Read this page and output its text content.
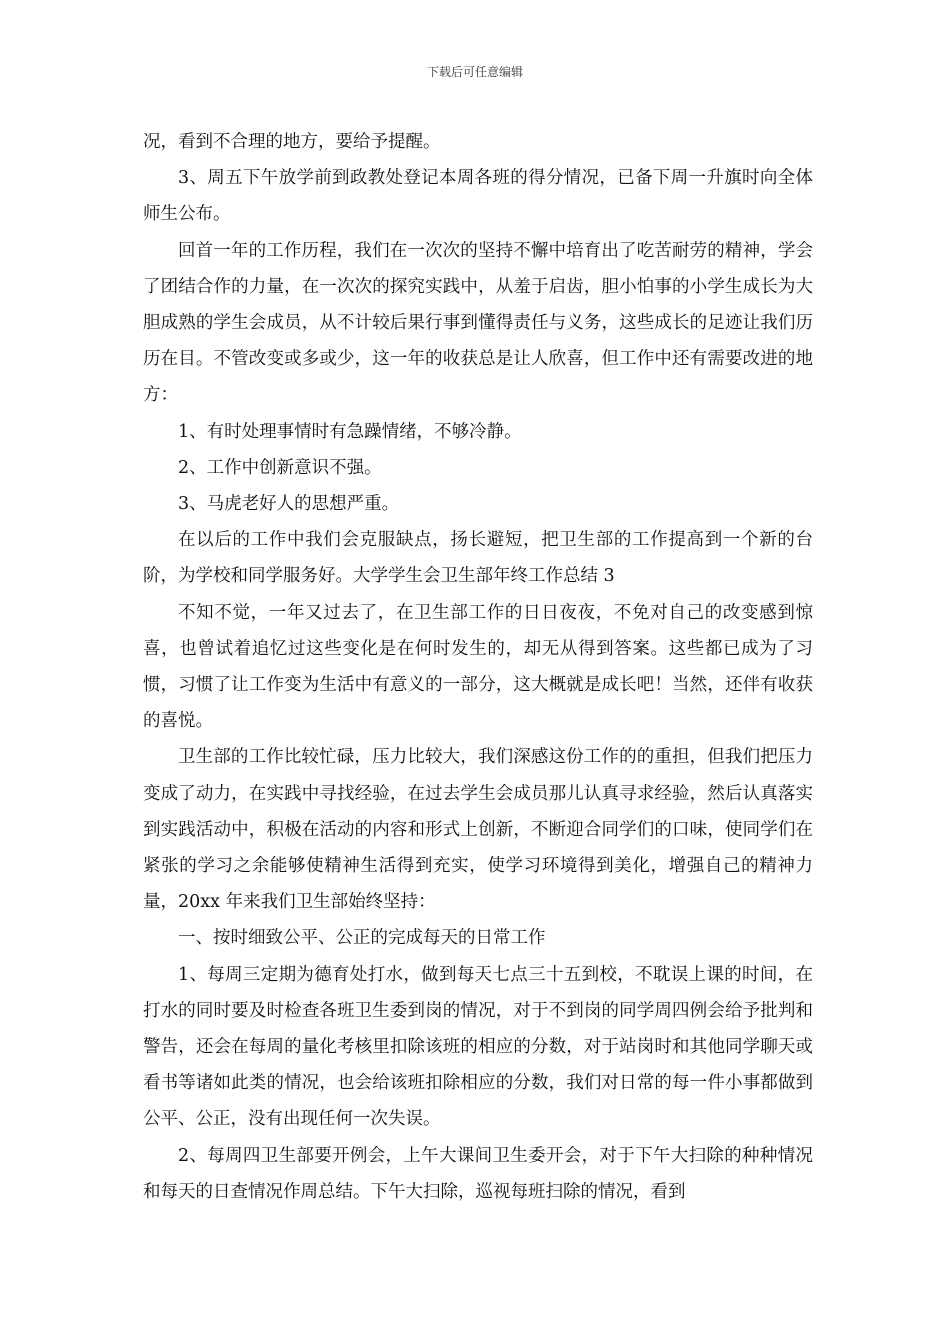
下载后可任意编辑

况，看到不合理的地方，要给予提醒。

3、周五下午放学前到政教处登记本周各班的得分情况，已备下周一升旗时向全体师生公布。

回首一年的工作历程，我们在一次次的坚持不懈中培育出了吃苦耐劳的精神，学会了团结合作的力量，在一次次的探究实践中，从羞于启齿，胆小怕事的小学生成长为大胆成熟的学生会成员，从不计较后果行事到懂得责任与义务，这些成长的足迹让我们历历在目。不管改变或多或少，这一年的收获总是让人欣喜，但工作中还有需要改进的地方：

1、有时处理事情时有急躁情绪，不够冷静。

2、工作中创新意识不强。

3、马虎老好人的思想严重。

在以后的工作中我们会克服缺点，扬长避短，把卫生部的工作提高到一个新的台阶，为学校和同学服务好。大学学生会卫生部年终工作总结 3

不知不觉，一年又过去了，在卫生部工作的日日夜夜，不免对自己的改变感到惊喜，也曾试着追忆过这些变化是在何时发生的，却无从得到答案。这些都已成为了习惯，习惯了让工作变为生活中有意义的一部分，这大概就是成长吧！当然，还伴有收获的喜悦。

卫生部的工作比较忙碌，压力比较大，我们深感这份工作的的重担，但我们把压力变成了动力，在实践中寻找经验，在过去学生会成员那儿认真寻求经验，然后认真落实到实践活动中，积极在活动的内容和形式上创新，不断迎合同学们的口味，使同学们在紧张的学习之余能够使精神生活得到充实，使学习环境得到美化，增强自己的精神力量，20xx 年来我们卫生部始终坚持：

一、按时细致公平、公正的完成每天的日常工作

1、每周三定期为德育处打水，做到每天七点三十五到校，不耽误上课的时间，在打水的同时要及时检查各班卫生委到岗的情况，对于不到岗的同学周四例会给予批判和警告，还会在每周的量化考核里扣除该班的相应的分数，对于站岗时和其他同学聊天或看书等诸如此类的情况，也会给该班扣除相应的分数，我们对日常的每一件小事都做到公平、公正，没有出现任何一次失误。

2、每周四卫生部要开例会，上午大课间卫生委开会，对于下午大扫除的种种情况和每天的日查情况作周总结。下午大扫除，巡视每班扫除的情况，看到
